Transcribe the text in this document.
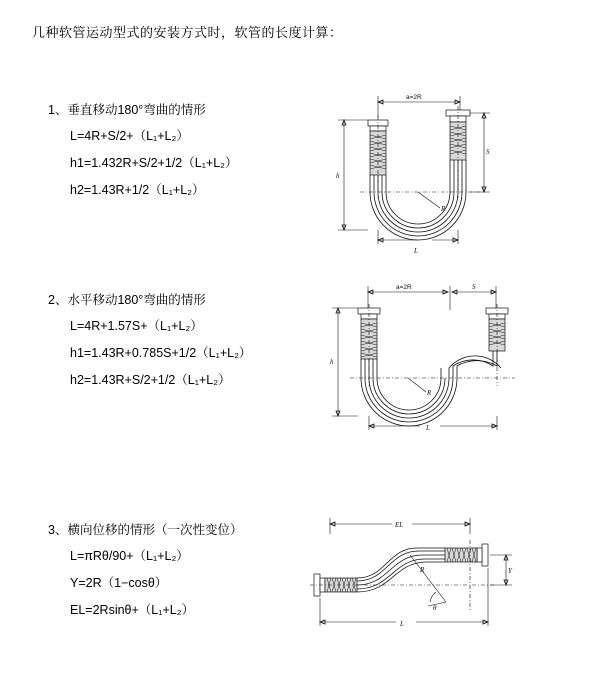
几种软管运动型式的安装方式时，软管的长度计算：
1、垂直移动180°弯曲的情形
L=4R+S/2+（L₁+L₂）
h1=1.432R+S/2+1/2（L₁+L₂）
h2=1.43R+1/2（L₁+L₂）
a=2R
R
L
h
S
2、水平移动180°弯曲的情形
L=4R+1.57S+（L₁+L₂）
h1=1.43R+0.785S+1/2（L₁+L₂）
h2=1.43R+S/2+1/2（L₁+L₂）
a=2R	S
R
L
h
3、横向位移的情形（一次性变位）
L=πRθ/90+（L₁+L₂）
Y=2R（1−cosθ）
EL=2Rsinθ+（L₁+L₂）
EL
θ
R	Y
L
